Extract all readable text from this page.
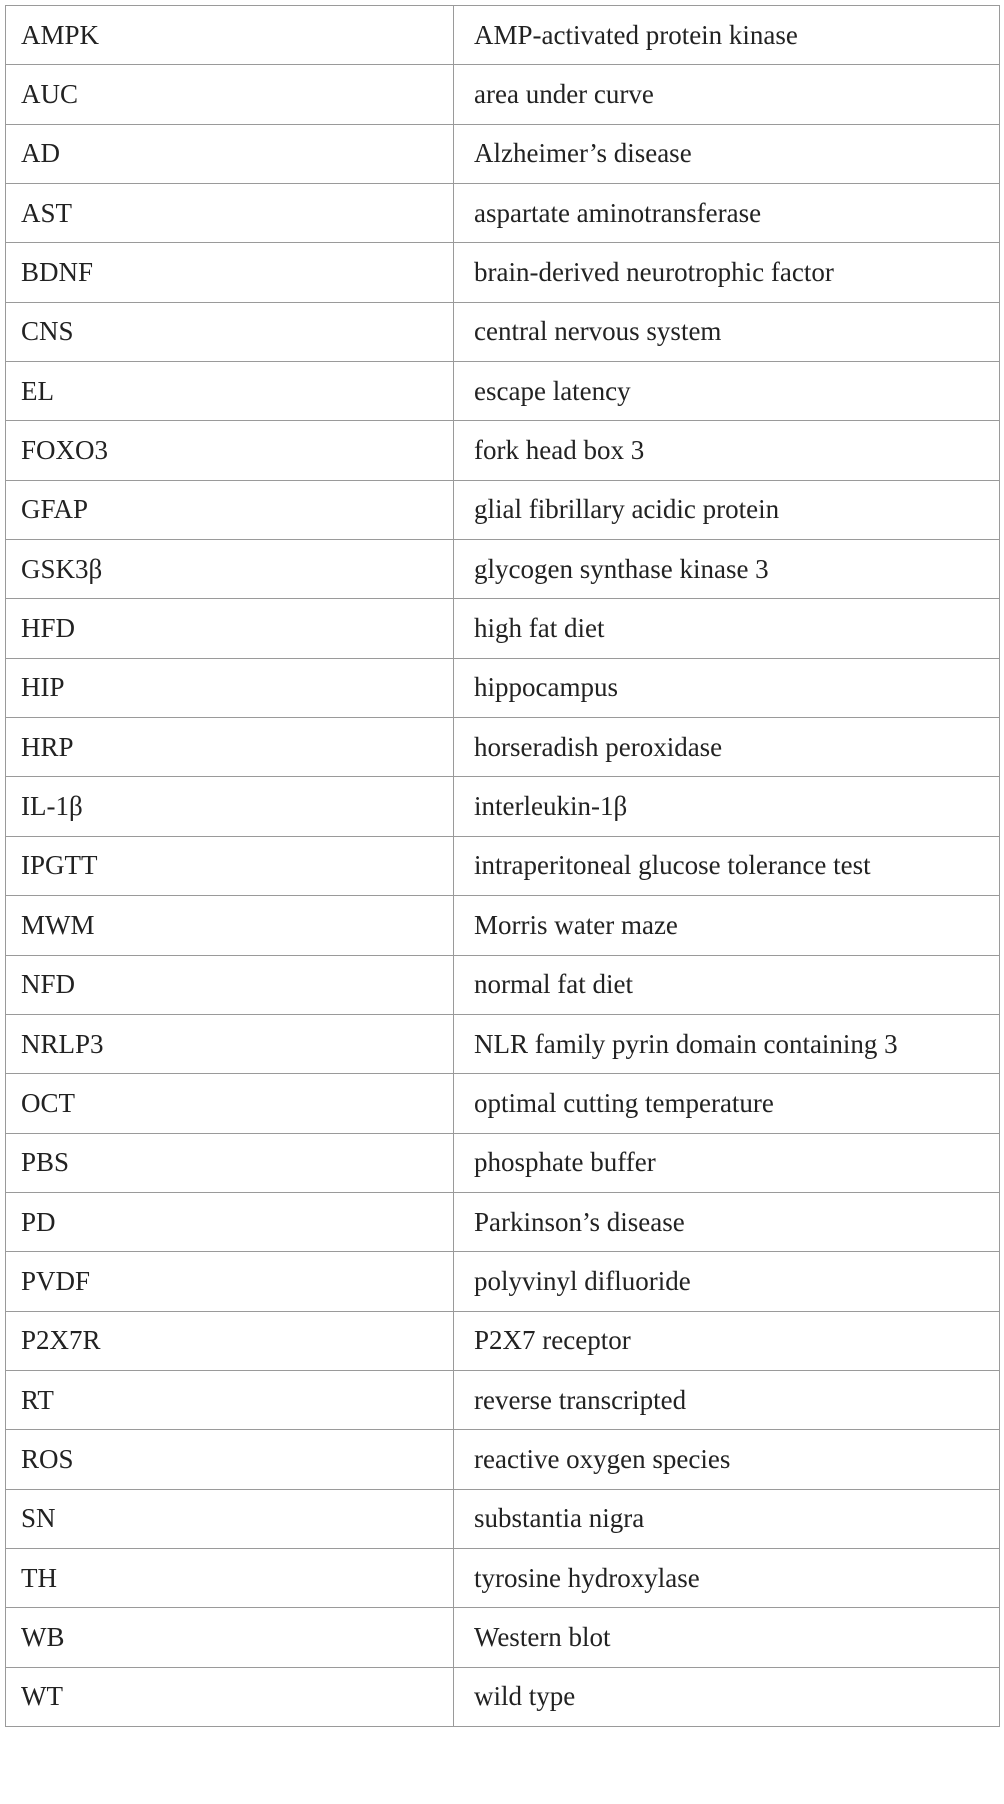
AMPK	AMP-activated protein kinase
AUC	area under curve
AD	Alzheimer’s disease
AST	aspartate aminotransferase
BDNF	brain-derived neurotrophic factor
CNS	central nervous system
EL	escape latency
FOXO3	fork head box 3
GFAP	glial fibrillary acidic protein
GSK3β	glycogen synthase kinase 3
HFD	high fat diet
HIP	hippocampus
HRP	horseradish peroxidase
IL-1β	interleukin-1β
IPGTT	intraperitoneal glucose tolerance test
MWM	Morris water maze
NFD	normal fat diet
NRLP3	NLR family pyrin domain containing 3
OCT	optimal cutting temperature
PBS	phosphate buffer
PD	Parkinson’s disease
PVDF	polyvinyl difluoride
P2X7R	P2X7 receptor
RT	reverse transcripted
ROS	reactive oxygen species
SN	substantia nigra
TH	tyrosine hydroxylase
WB	Western blot
WT	wild type
